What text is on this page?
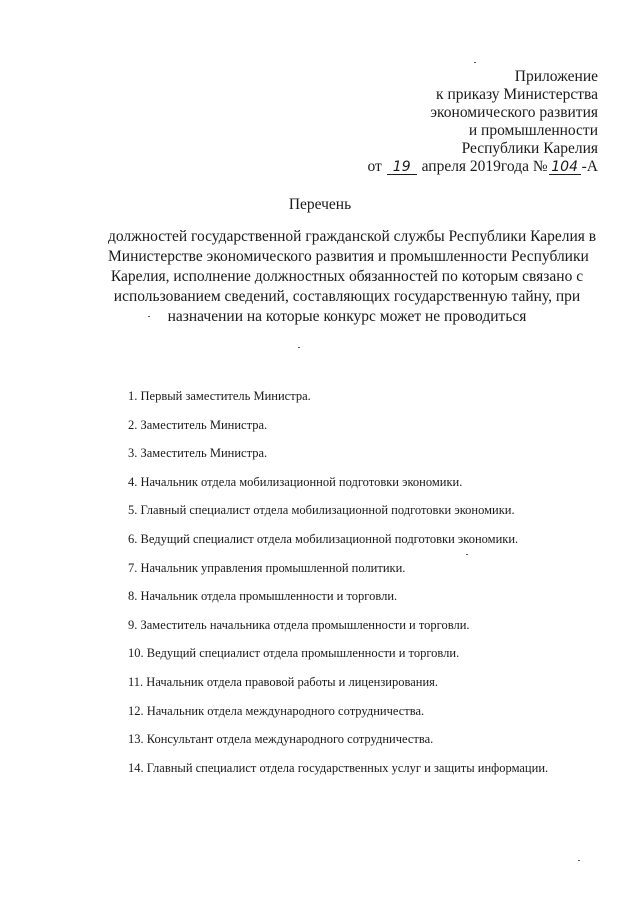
Приложение
к приказу Министерства
экономического развития
и промышленности
Республики Карелия
от 19 апреля 2019года № 104 -А
Перечень
должностей государственной гражданской службы Республики Карелия в
Министерстве экономического развития и промышленности Республики
Карелия, исполнение должностных обязанностей по которым связано с
использованием сведений, составляющих государственную тайну, при
назначении на которые конкурс может не проводиться
1. Первый заместитель Министра.
2. Заместитель Министра.
3. Заместитель Министра.
4. Начальник отдела мобилизационной подготовки экономики.
5. Главный специалист отдела мобилизационной подготовки экономики.
6. Ведущий специалист отдела мобилизационной подготовки экономики.
7. Начальник управления промышленной политики.
8. Начальник отдела промышленности и торговли.
9. Заместитель начальника отдела промышленности и торговли.
10. Ведущий специалист отдела промышленности и торговли.
11. Начальник отдела правовой работы и лицензирования.
12. Начальник отдела международного сотрудничества.
13. Консультант отдела международного сотрудничества.
14. Главный специалист отдела государственных услуг и защиты информации.
